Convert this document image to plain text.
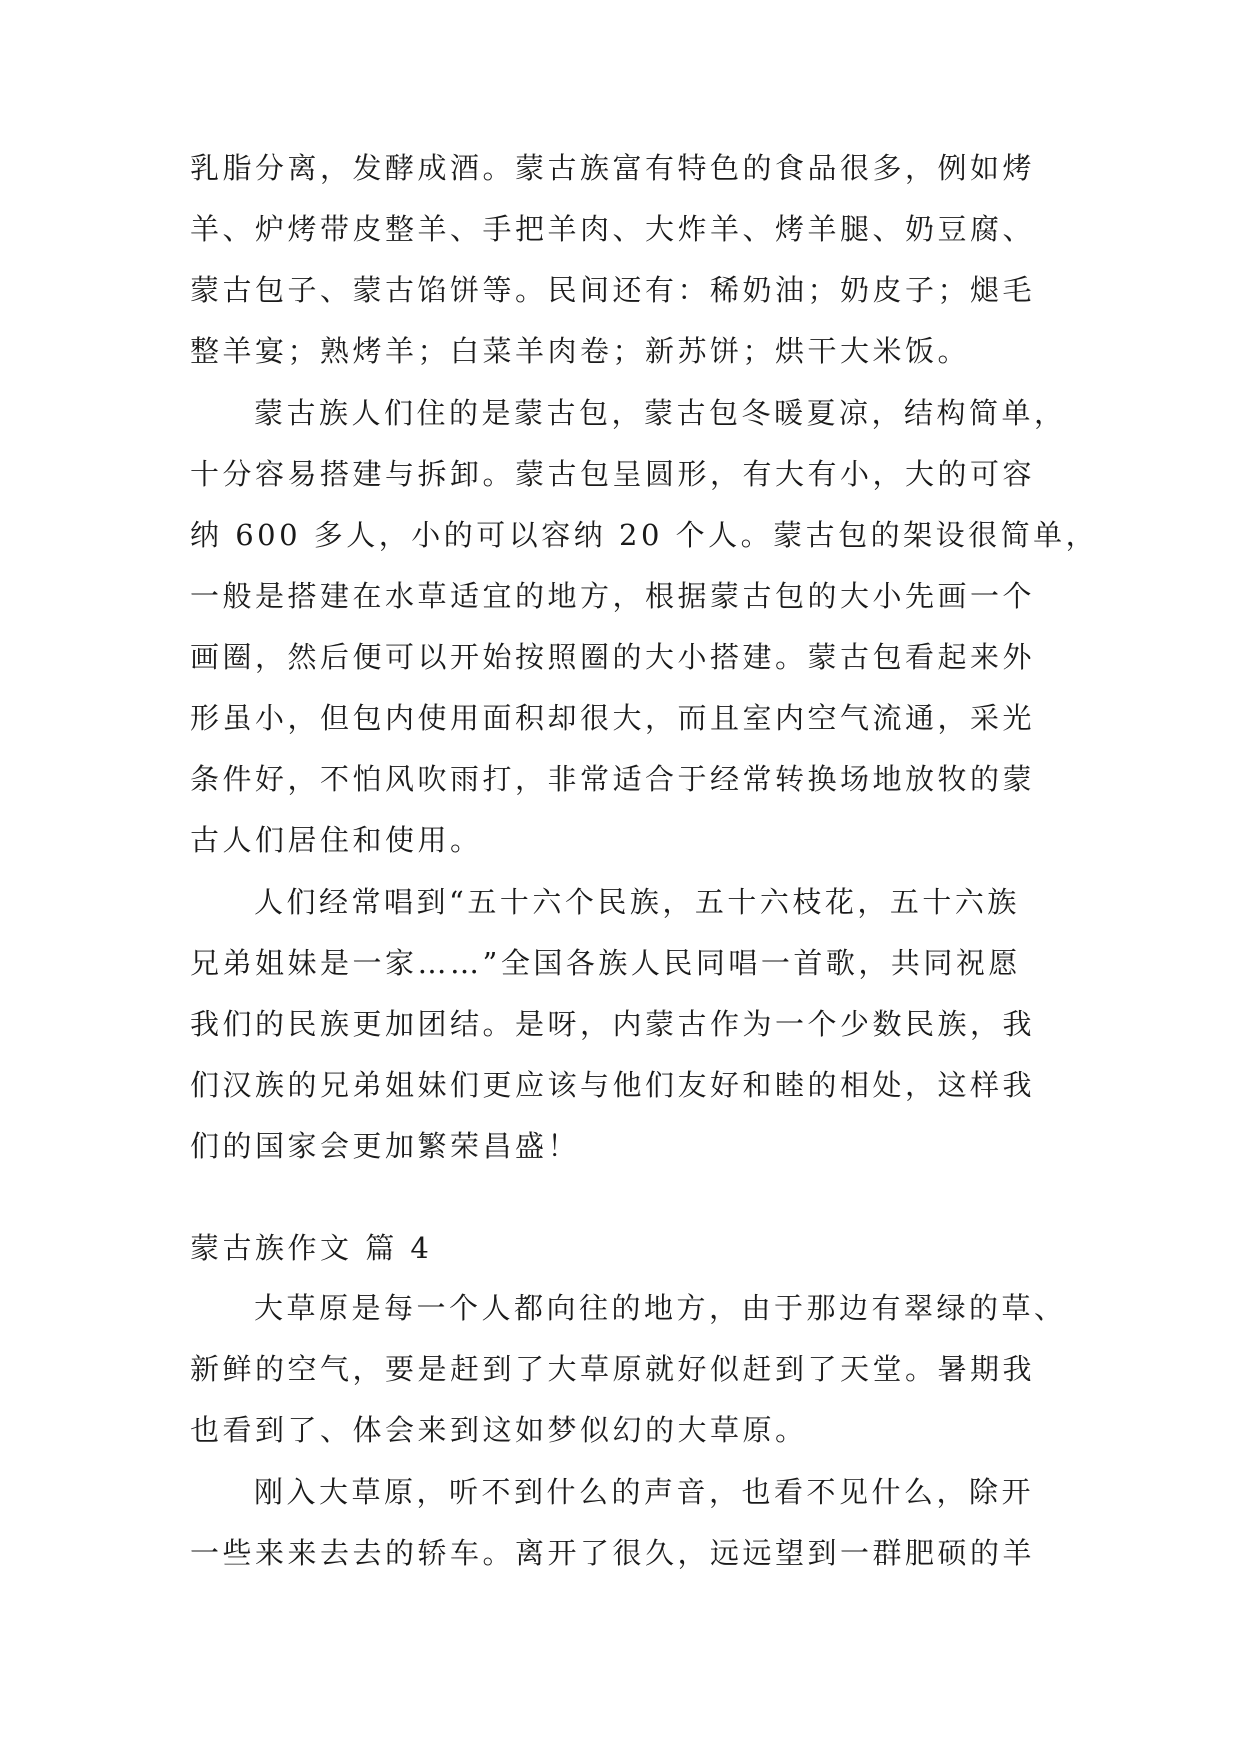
乳脂分离，发酵成酒。蒙古族富有特色的食品很多，例如烤
羊、炉烤带皮整羊、手把羊肉、大炸羊、烤羊腿、奶豆腐、
蒙古包子、蒙古馅饼等。民间还有：稀奶油；奶皮子；煺毛
整羊宴；熟烤羊；白菜羊肉卷；新苏饼；烘干大米饭。
蒙古族人们住的是蒙古包，蒙古包冬暖夏凉，结构简单，
十分容易搭建与拆卸。蒙古包呈圆形，有大有小，大的可容
纳 600 多人，小的可以容纳 20 个人。蒙古包的架设很简单，
一般是搭建在水草适宜的地方，根据蒙古包的大小先画一个
画圈，然后便可以开始按照圈的大小搭建。蒙古包看起来外
形虽小，但包内使用面积却很大，而且室内空气流通，采光
条件好，不怕风吹雨打，非常适合于经常转换场地放牧的蒙
古人们居住和使用。
人们经常唱到“五十六个民族，五十六枝花，五十六族
兄弟姐妹是一家……”全国各族人民同唱一首歌，共同祝愿
我们的民族更加团结。是呀，内蒙古作为一个少数民族，我
们汉族的兄弟姐妹们更应该与他们友好和睦的相处，这样我
们的国家会更加繁荣昌盛！
蒙古族作文 篇 4
大草原是每一个人都向往的地方，由于那边有翠绿的草、
新鲜的空气，要是赶到了大草原就好似赶到了天堂。暑期我
也看到了、体会来到这如梦似幻的大草原。
刚入大草原，听不到什么的声音，也看不见什么，除开
一些来来去去的轿车。离开了很久，远远望到一群肥硕的羊
